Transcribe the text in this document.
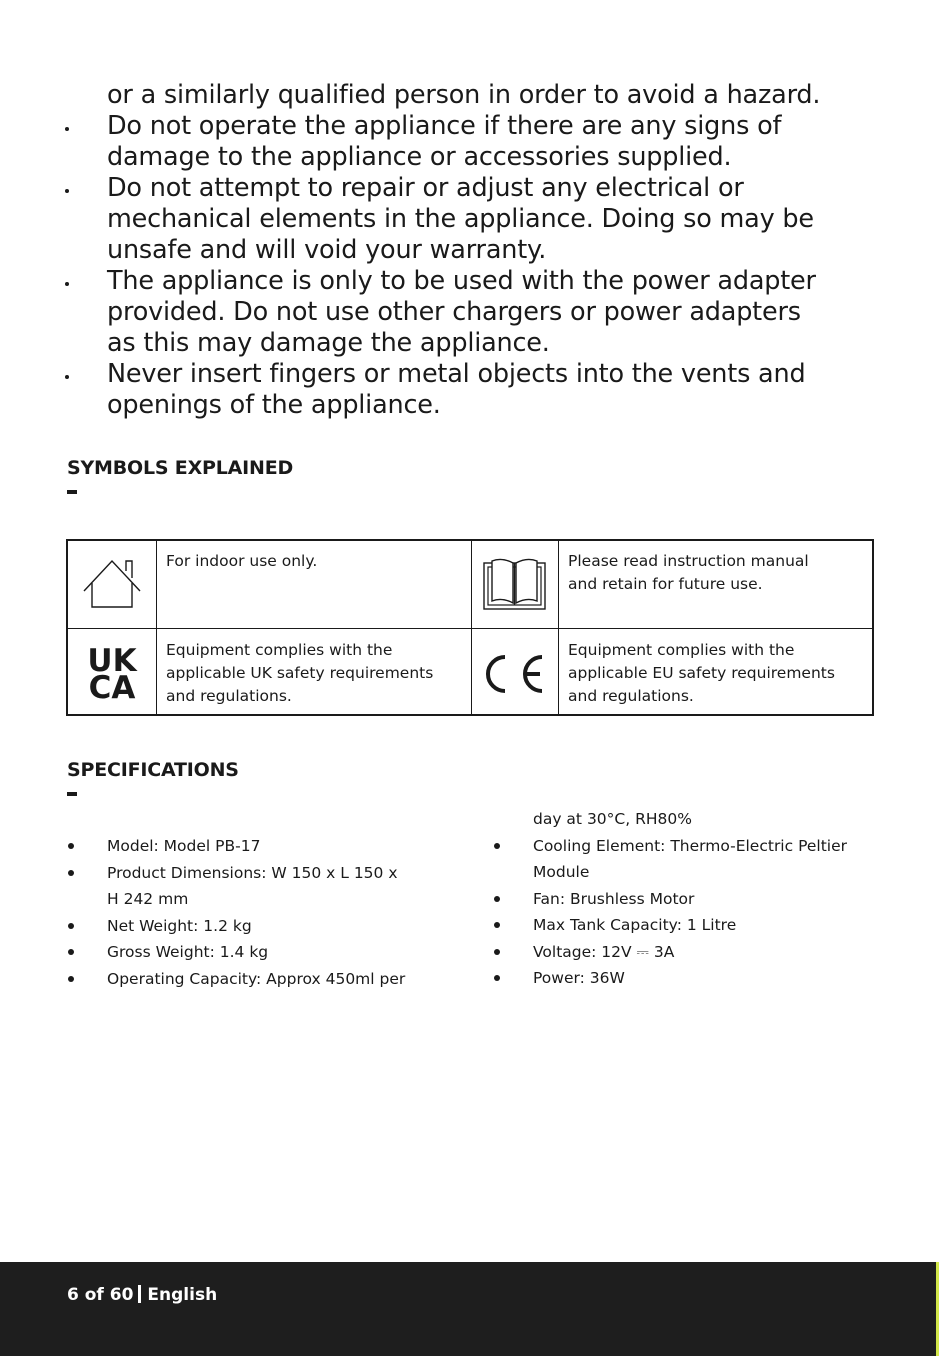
or a similarly qualified person in order to avoid a hazard.
Do not operate the appliance if there are any signs of
damage to the appliance or accessories supplied.
Do not attempt to repair or adjust any electrical or
mechanical elements in the appliance. Doing so may be
unsafe and will void your warranty.
The appliance is only to be used with the power adapter
provided. Do not use other chargers or power adapters
as this may damage the appliance.
Never insert fingers or metal objects into the vents and
openings of the appliance.
SYMBOLS EXPLAINED
For indoor use only.	Please read instruction manual
and retain for future use.
UK
CA
Equipment complies with the
applicable UK safety requirements
and regulations.
Equipment complies with the
applicable EU safety requirements
and regulations.
SPECIFICATIONS
Model: Model PB-17
Product Dimensions: W 150 x L 150 x
H 242 mm
Net Weight: 1.2 kg
Gross Weight: 1.4 kg
Operating Capacity: Approx 450ml per
day at 30°C, RH80%
Cooling Element: Thermo-Electric Peltier
Module
Fan: Brushless Motor
Max Tank Capacity: 1 Litre
Voltage: 12V ⎓ 3A
Power: 36W
6 of 60 English
